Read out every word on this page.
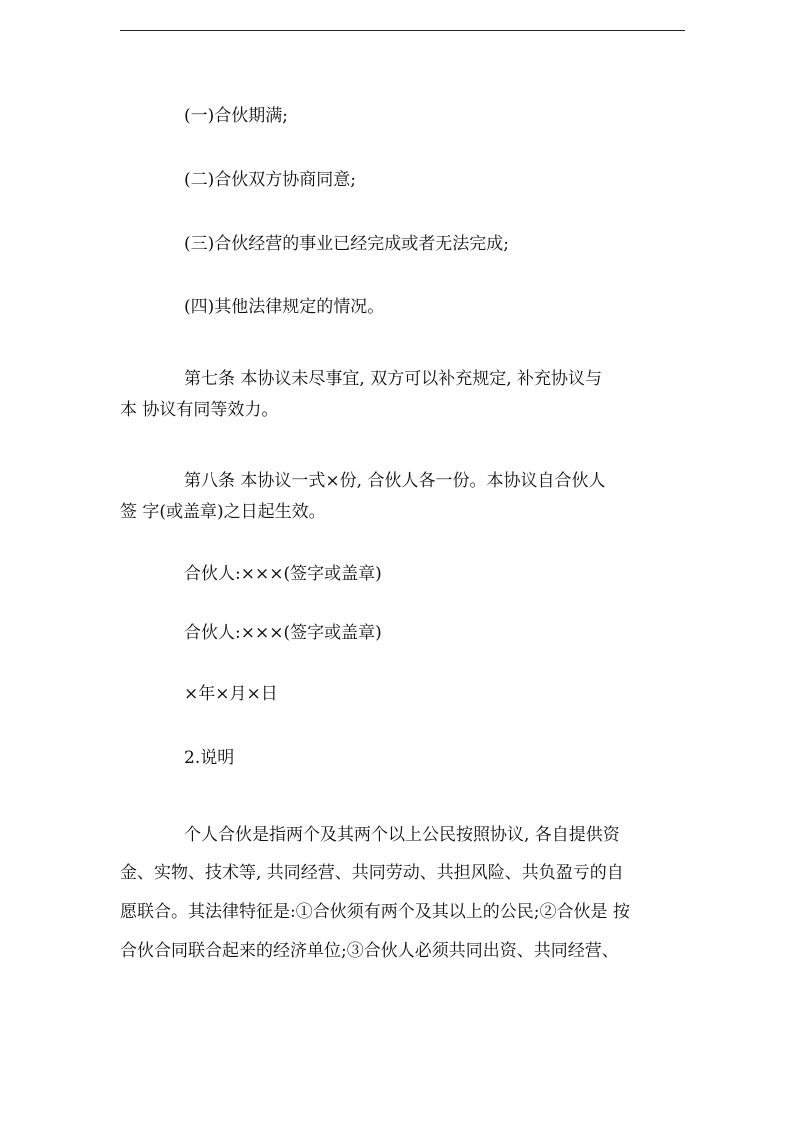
(一)合伙期满;
(二)合伙双方协商同意;
(三)合伙经营的事业已经完成或者无法完成;
(四)其他法律规定的情况。
第七条 本协议未尽事宜, 双方可以补充规定, 补充协议与
本 协议有同等效力。
第八条 本协议一式×份, 合伙人各一份。本协议自合伙人
签 字(或盖章)之日起生效。
合伙人:×××(签字或盖章)
合伙人:×××(签字或盖章)
×年×月×日
2.说明
个人合伙是指两个及其两个以上公民按照协议, 各自提供资
金、实物、技术等, 共同经营、共同劳动、共担风险、共负盈亏的自
愿联合。其法律特征是:①合伙须有两个及其以上的公民;②合伙是 按
合伙合同联合起来的经济单位;③合伙人必须共同出资、共同经营、
